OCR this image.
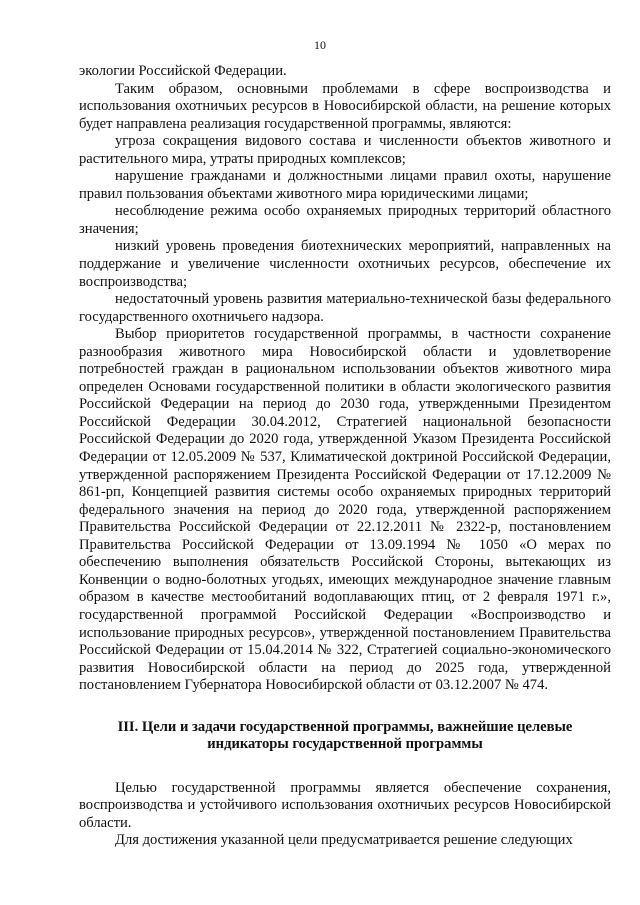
10

экологии Российской Федерации.

Таким образом, основными проблемами в сфере воспроизводства и использования охотничьих ресурсов в Новосибирской области, на решение которых будет направлена реализация государственной программы, являются:

угроза сокращения видового состава и численности объектов животного и растительного мира, утраты природных комплексов;

нарушение гражданами и должностными лицами правил охоты, нарушение правил пользования объектами животного мира юридическими лицами;

несоблюдение режима особо охраняемых природных территорий областного значения;

низкий уровень проведения биотехнических мероприятий, направленных на поддержание и увеличение численности охотничьих ресурсов, обеспечение их воспроизводства;

недостаточный уровень развития материально-технической базы федерального государственного охотничьего надзора.

Выбор приоритетов государственной программы, в частности сохранение разнообразия животного мира Новосибирской области и удовлетворение потребностей граждан в рациональном использовании объектов животного мира определен Основами государственной политики в области экологического развития Российской Федерации на период до 2030 года, утвержденными Президентом Российской Федерации 30.04.2012, Стратегией национальной безопасности Российской Федерации до 2020 года, утвержденной Указом Президента Российской Федерации от 12.05.2009 № 537, Климатической доктриной Российской Федерации, утвержденной распоряжением Президента Российской Федерации от 17.12.2009 № 861-рп, Концепцией развития системы особо охраняемых природных территорий федерального значения на период до 2020 года, утвержденной распоряжением Правительства Российской Федерации от 22.12.2011 № 2322-р, постановлением Правительства Российской Федерации от 13.09.1994 № 1050 «О мерах по обеспечению выполнения обязательств Российской Стороны, вытекающих из Конвенции о водно-болотных угодьях, имеющих международное значение главным образом в качестве местообитаний водоплавающих птиц, от 2 февраля 1971 г.», государственной программой Российской Федерации «Воспроизводство и использование природных ресурсов», утвержденной постановлением Правительства Российской Федерации от 15.04.2014 № 322, Стратегией социально-экономического развития Новосибирской области на период до 2025 года, утвержденной постановлением Губернатора Новосибирской области от 03.12.2007 № 474.

III. Цели и задачи государственной программы, важнейшие целевые индикаторы государственной программы

Целью государственной программы является обеспечение сохранения, воспроизводства и устойчивого использования охотничьих ресурсов Новосибирской области.

Для достижения указанной цели предусматривается решение следующих
